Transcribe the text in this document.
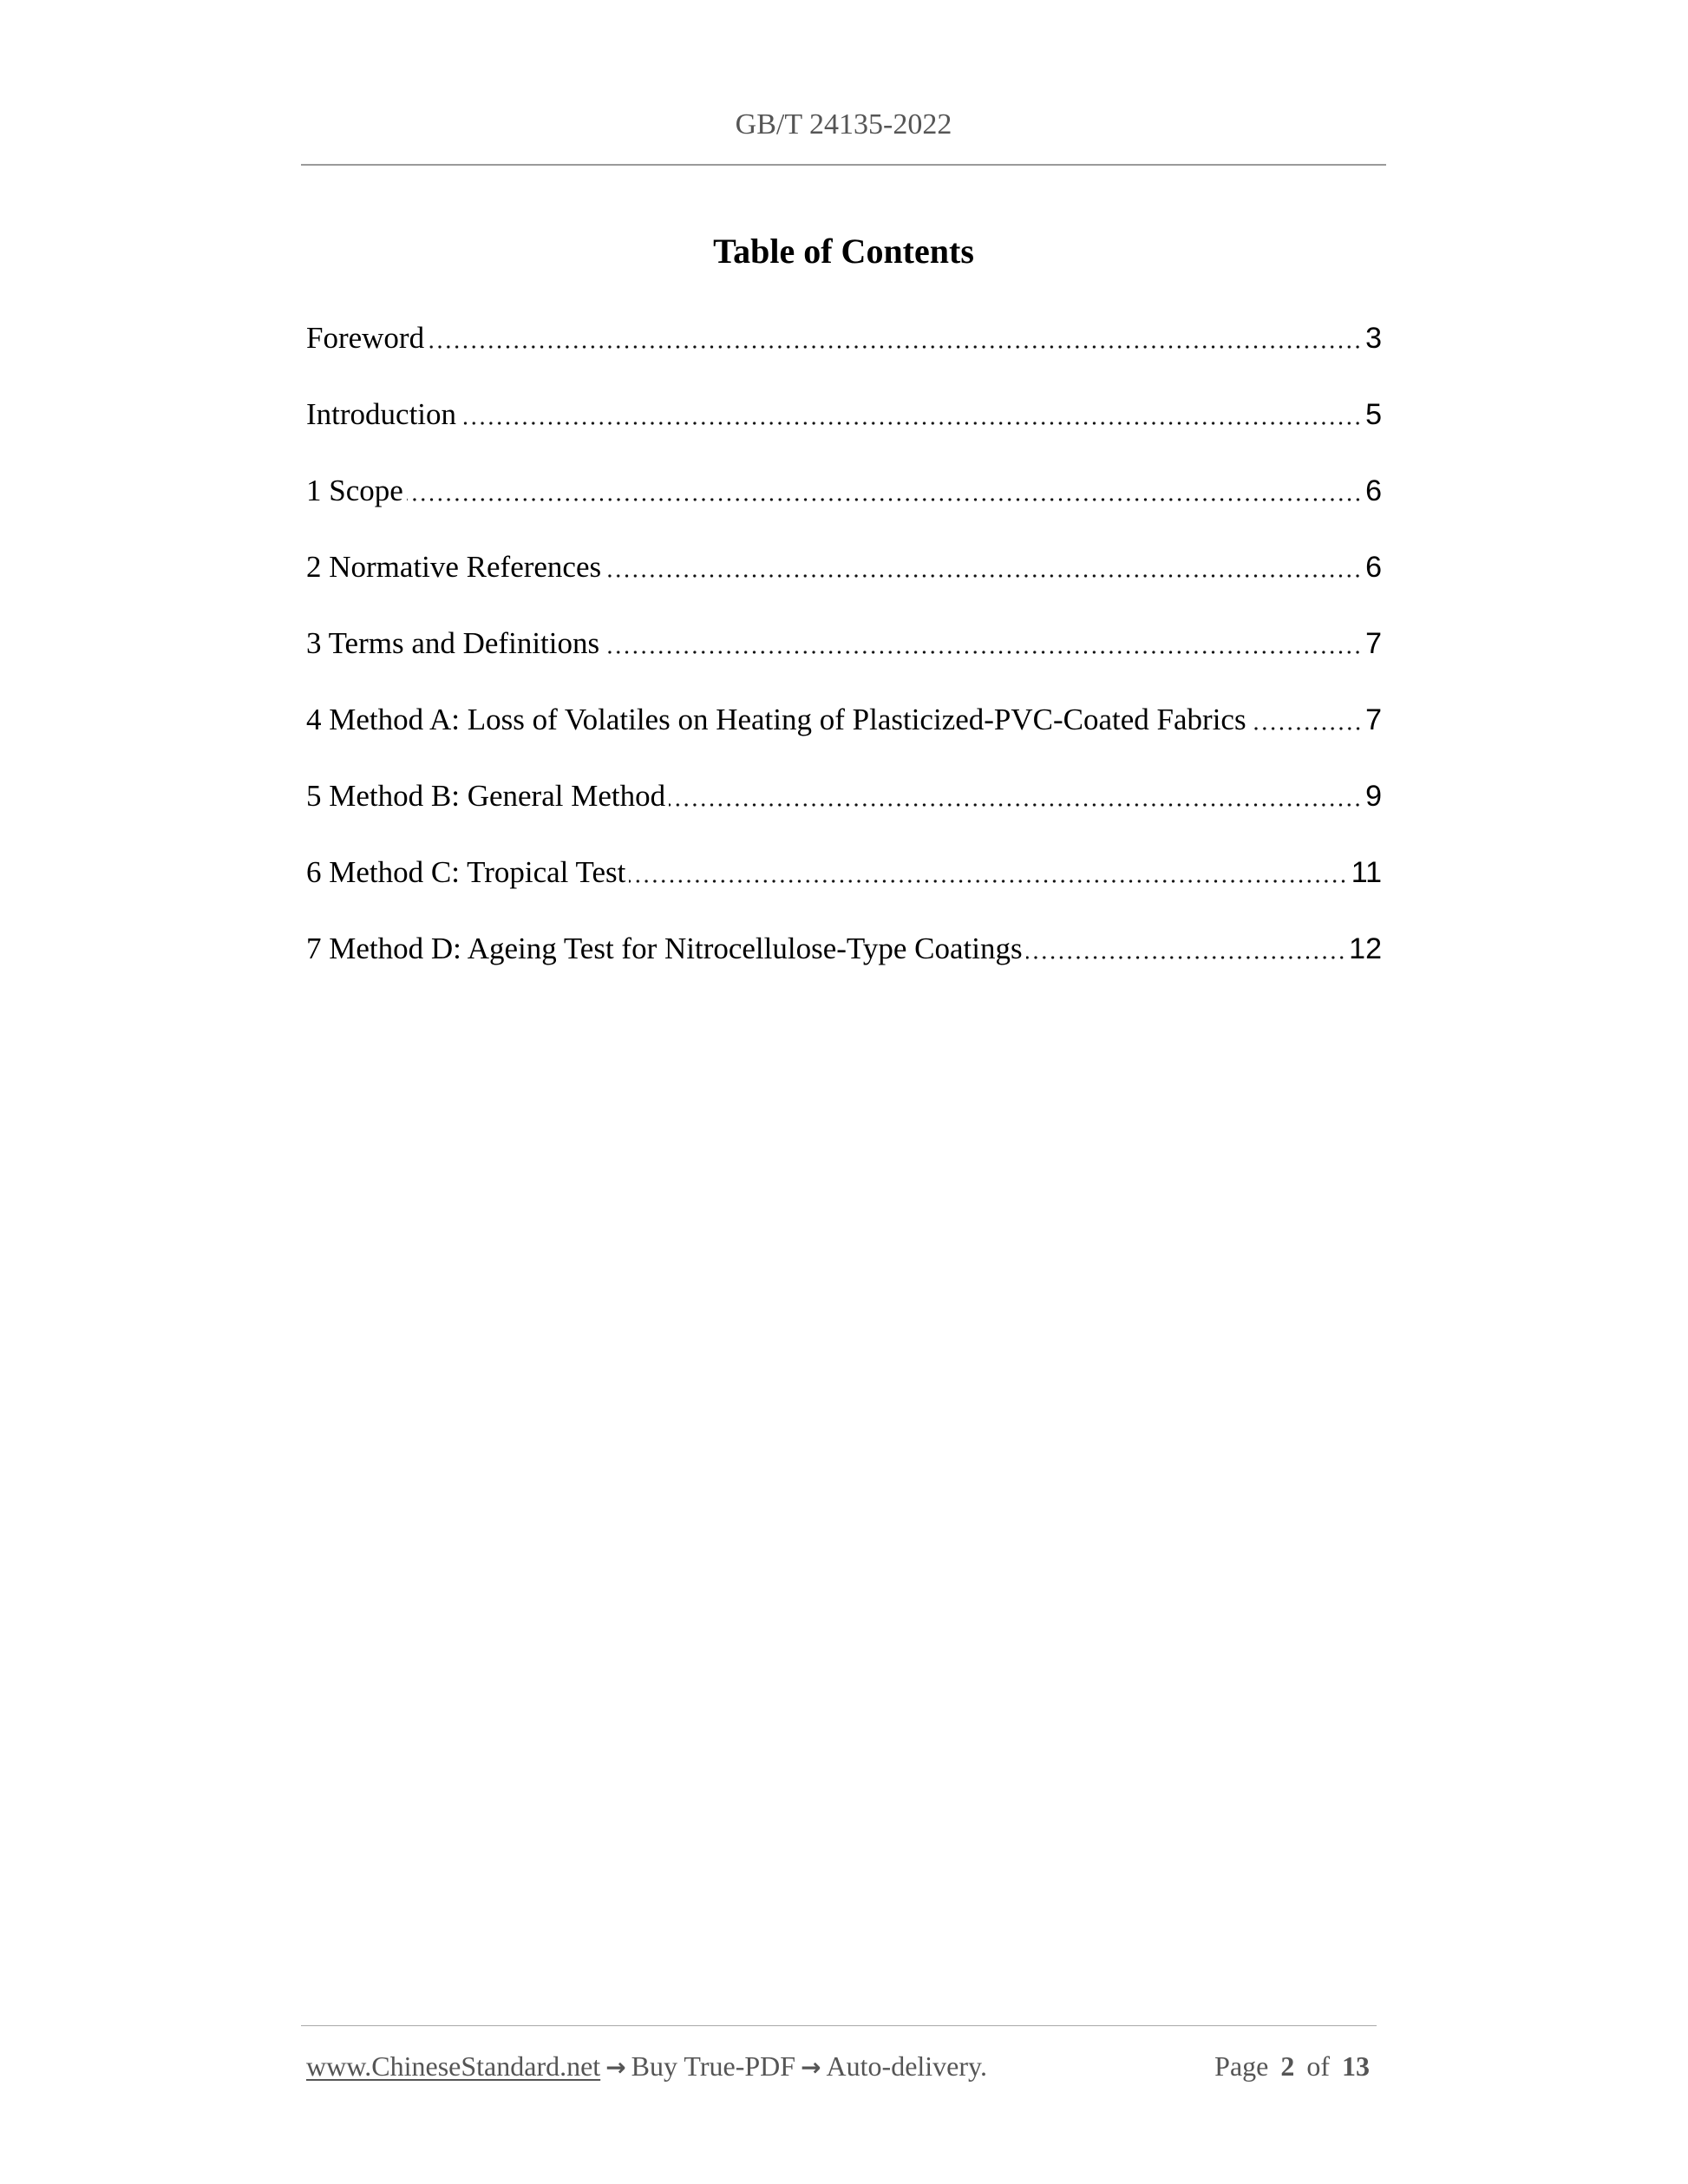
GB/T 24135-2022
Table of Contents
Foreword	3
Introduction	5
1 Scope	6
2 Normative References	6
3 Terms and Definitions	7
4 Method A: Loss of Volatiles on Heating of Plasticized-PVC-Coated Fabrics	7
5 Method B: General Method	9
6 Method C: Tropical Test	11
7 Method D: Ageing Test for Nitrocellulose-Type Coatings	12
www.ChineseStandard.net → Buy True-PDF → Auto-delivery.	Page 2 of 13
